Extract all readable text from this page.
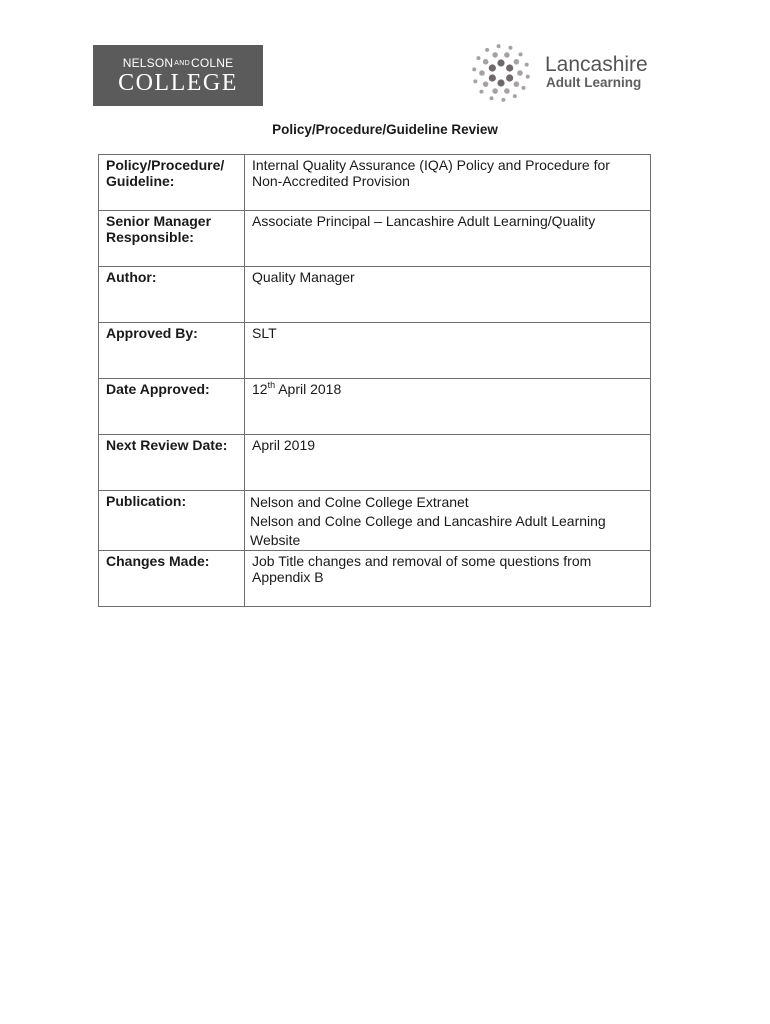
NELSONANDCOLNE
COLLEGE
Lancashire
Adult Learning
Policy/Procedure/Guideline Review
Policy/Procedure/
Guideline:	Internal Quality Assurance (IQA) Policy and Procedure for
Non-Accredited Provision

Senior Manager
Responsible:	Associate Principal – Lancashire Adult Learning/Quality
Author:	Quality Manager
Approved By:	SLT
Date Approved:	12th April 2018
Next Review Date:	April 2019
Publication:	Nelson and Colne College Extranet
Nelson and Colne College and Lancashire Adult Learning
Website

Changes Made:	Job Title changes and removal of some questions from
Appendix B
